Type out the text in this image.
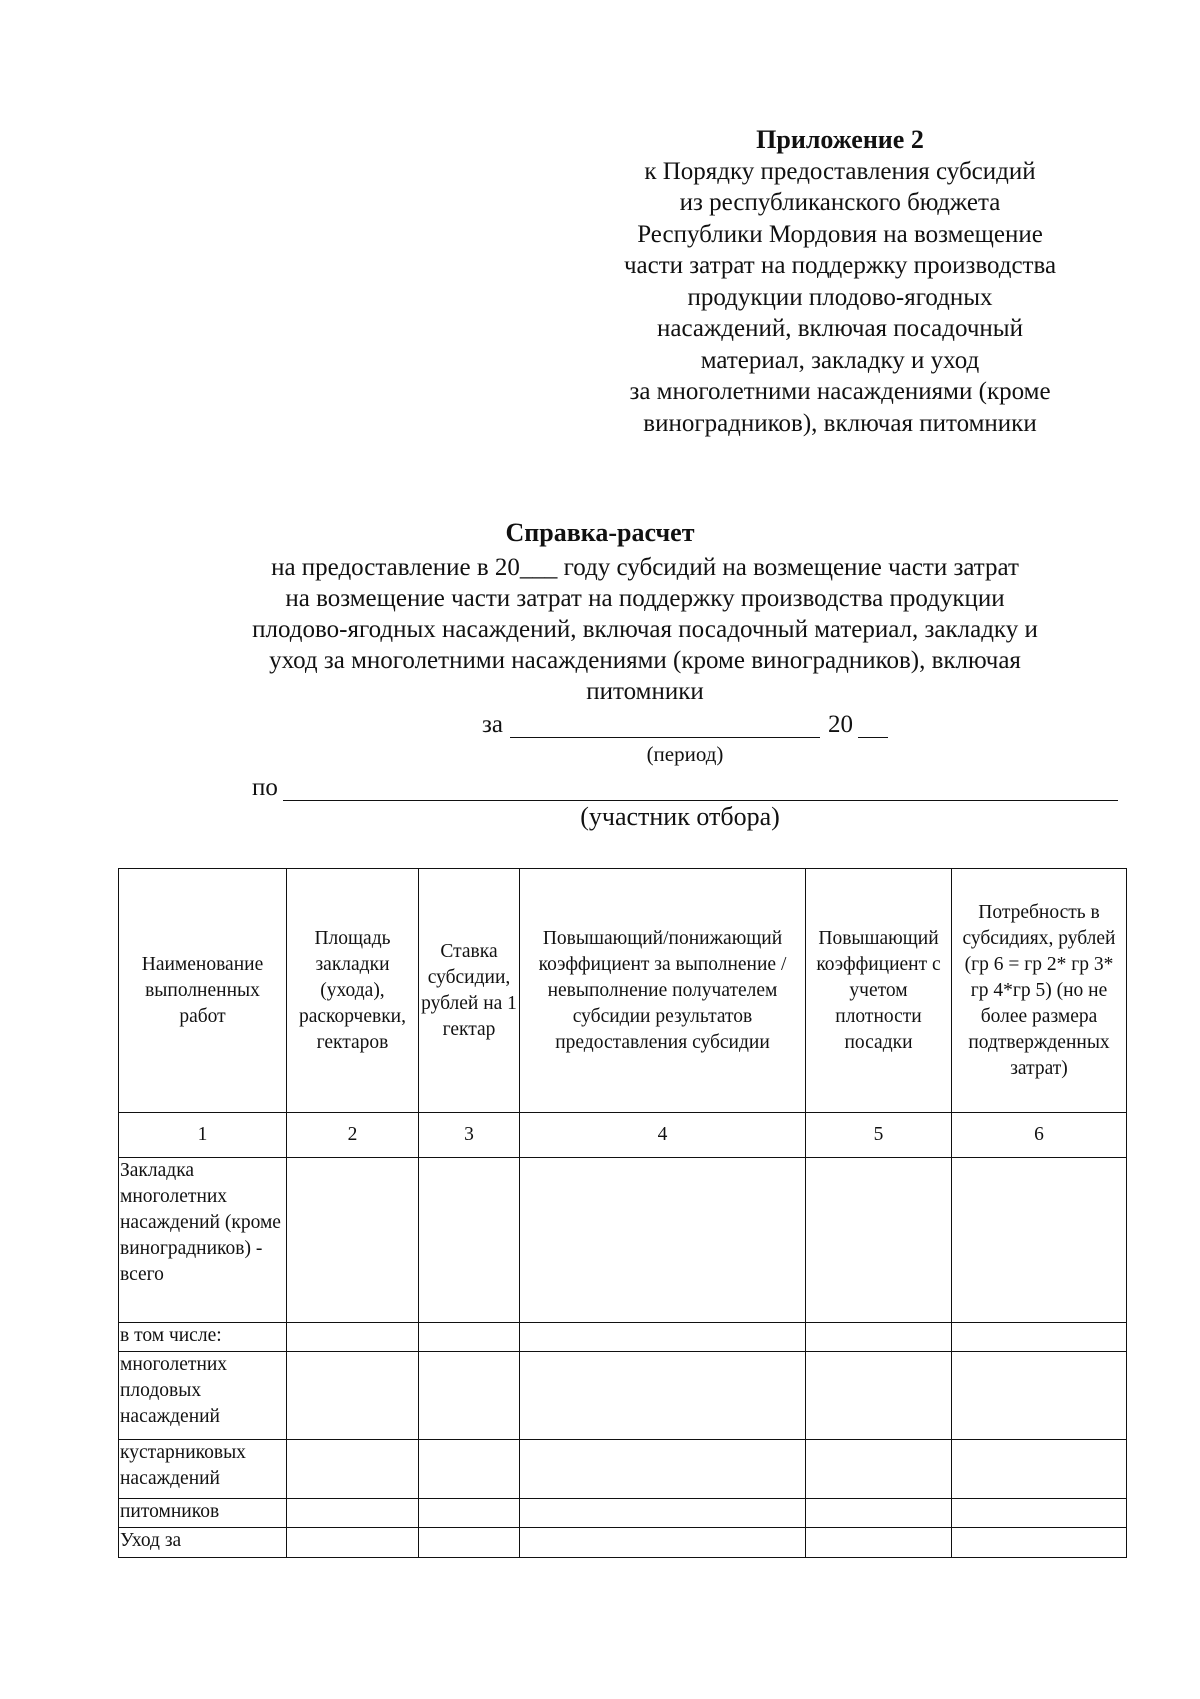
Приложение 2
к Порядку предоставления субсидий
из республиканского бюджета
Республики Мордовия на возмещение
части затрат на поддержку производства
продукции плодово-ягодных
насаждений, включая посадочный
материал, закладку и уход
за многолетними насаждениями (кроме
виноградников), включая питомники
Справка-расчет
на предоставление в 20___ году субсидий на возмещение части затрат
на возмещение части затрат на поддержку производства продукции
плодово-ягодных насаждений, включая посадочный материал, закладку и
уход за многолетними насаждениями (кроме виноградников), включая
питомники
за	20
(период)
по
(участник отбора)
Наименование выполненных работ	Площадь закладки (ухода), раскорчевки, гектаров	Ставка субсидии, рублей на 1 гектар	Повышающий/понижающий коэффициент за выполнение /невыполнение получателем субсидии результатов предоставления субсидии	Повышающий коэффициент с учетом плотности посадки	Потребность в субсидиях, рублей (гр 6 = гр 2* гр 3* гр 4*гр 5) (но не более размера подтвержденных затрат)
1	2	3	4	5	6
Закладка многолетних насаждений (кроме виноградников) - всего					
в том числе:					
многолетних плодовых насаждений					
кустарниковых насаждений					
питомников					
Уход за					
